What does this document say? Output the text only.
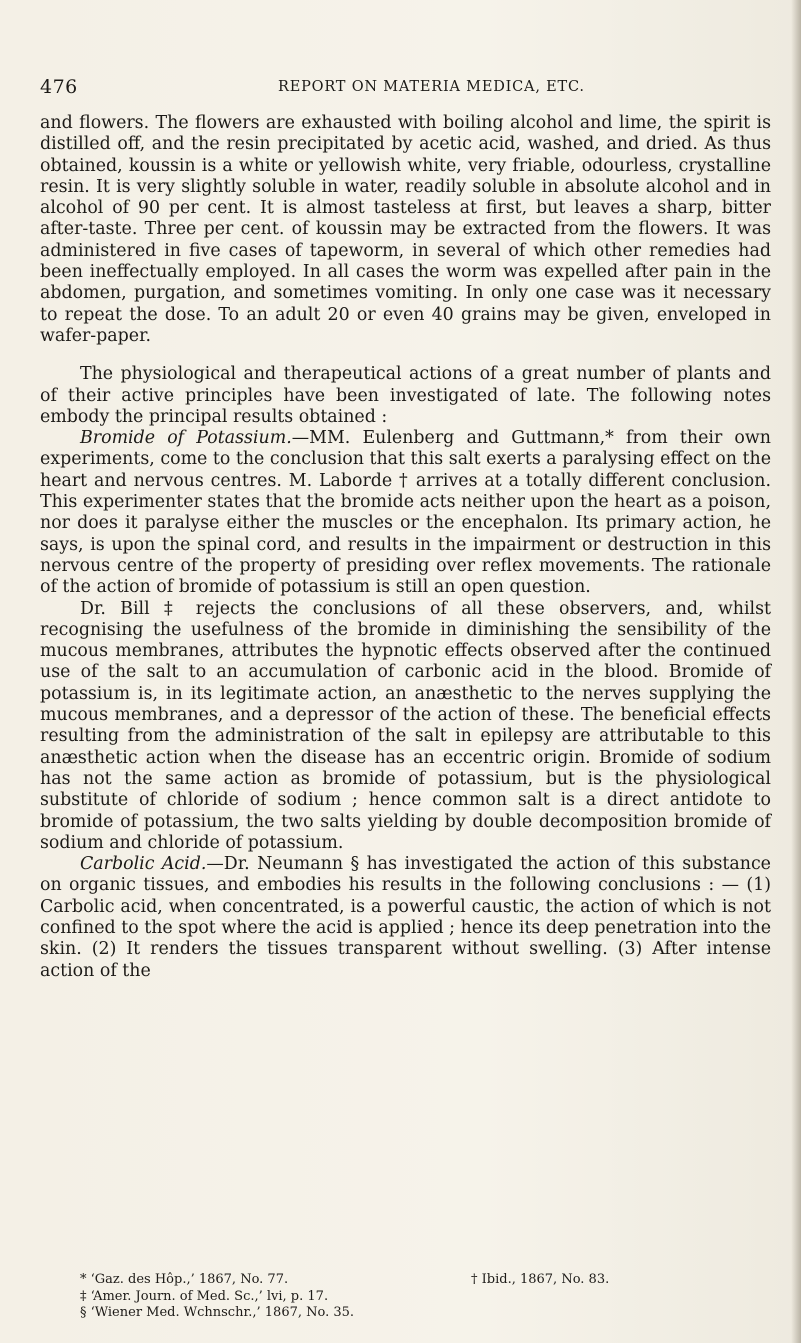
476	REPORT ON MATERIA MEDICA, ETC.

and flowers. The flowers are exhausted with boiling alcohol and lime, the spirit is distilled off, and the resin precipitated by acetic acid, washed, and dried. As thus obtained, koussin is a white or yellowish white, very friable, odourless, crystalline resin. It is very slightly soluble in water, readily soluble in absolute alcohol and in alcohol of 90 per cent. It is almost tasteless at first, but leaves a sharp, bitter after-taste. Three per cent. of koussin may be extracted from the flowers. It was administered in five cases of tapeworm, in several of which other remedies had been ineffectually employed. In all cases the worm was expelled after pain in the abdomen, purgation, and sometimes vomiting. In only one case was it necessary to repeat the dose. To an adult 20 or even 40 grains may be given, enveloped in wafer-paper.

The physiological and therapeutical actions of a great number of plants and of their active principles have been investigated of late. The following notes embody the principal results obtained :

Bromide of Potassium.—MM. Eulenberg and Guttmann,* from their own experiments, come to the conclusion that this salt exerts a paralysing effect on the heart and nervous centres. M. Laborde † arrives at a totally different conclusion. This experimenter states that the bromide acts neither upon the heart as a poison, nor does it paralyse either the muscles or the encephalon. Its primary action, he says, is upon the spinal cord, and results in the impairment or destruction in this nervous centre of the property of presiding over reflex movements. The rationale of the action of bromide of potassium is still an open question.

Dr. Bill ‡ rejects the conclusions of all these observers, and, whilst recognising the usefulness of the bromide in diminishing the sensibility of the mucous membranes, attributes the hypnotic effects observed after the continued use of the salt to an accumulation of carbonic acid in the blood. Bromide of potassium is, in its legitimate action, an anæsthetic to the nerves supplying the mucous membranes, and a depressor of the action of these. The beneficial effects resulting from the administration of the salt in epilepsy are attributable to this anæsthetic action when the disease has an eccentric origin. Bromide of sodium has not the same action as bromide of potassium, but is the physiological substitute of chloride of sodium ; hence common salt is a direct antidote to bromide of potassium, the two salts yielding by double decomposition bromide of sodium and chloride of potassium.

Carbolic Acid.—Dr. Neumann § has investigated the action of this substance on organic tissues, and embodies his results in the following conclusions : — (1) Carbolic acid, when concentrated, is a powerful caustic, the action of which is not confined to the spot where the acid is applied ; hence its deep penetration into the skin. (2) It renders the tissues transparent without swelling. (3) After intense action of the

* ‘Gaz. des Hôp.,’ 1867, No. 77.	† Ibid., 1867, No. 83.
‡ ‘Amer. Journ. of Med. Sc.,’ lvi, p. 17.
§ ‘Wiener Med. Wchnschr.,’ 1867, No. 35.
